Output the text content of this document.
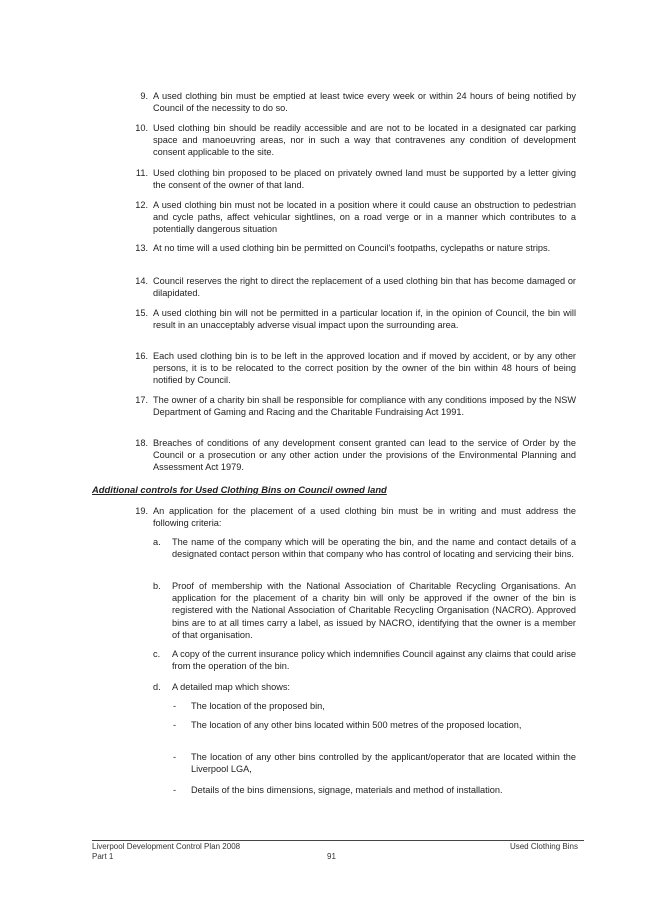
9. A used clothing bin must be emptied at least twice every week or within 24 hours of being notified by Council of the necessity to do so.
10. Used clothing bin should be readily accessible and are not to be located in a designated car parking space and manoeuvring areas, nor in such a way that contravenes any condition of development consent applicable to the site.
11. Used clothing bin proposed to be placed on privately owned land must be supported by a letter giving the consent of the owner of that land.
12. A used clothing bin must not be located in a position where it could cause an obstruction to pedestrian and cycle paths, affect vehicular sightlines, on a road verge or in a manner which contributes to a potentially dangerous situation
13. At no time will a used clothing bin be permitted on Council’s footpaths, cyclepaths or nature strips.
14. Council reserves the right to direct the replacement of a used clothing bin that has become damaged or dilapidated.
15. A used clothing bin will not be permitted in a particular location if, in the opinion of Council, the bin will result in an unacceptably adverse visual impact upon the surrounding area.
16. Each used clothing bin is to be left in the approved location and if moved by accident, or by any other persons, it is to be relocated to the correct position by the owner of the bin within 48 hours of being notified by Council.
17. The owner of a charity bin shall be responsible for compliance with any conditions imposed by the NSW Department of Gaming and Racing and the Charitable Fundraising Act 1991.
18. Breaches of conditions of any development consent granted can lead to the service of Order by the Council or a prosecution or any other action under the provisions of the Environmental Planning and Assessment Act 1979.
Additional controls for Used Clothing Bins on Council owned land
19. An application for the placement of a used clothing bin must be in writing and must address the following criteria:
a.	The name of the company which will be operating the bin, and the name and contact details of a designated contact person within that company who has control of locating and servicing their bins.
b.	Proof of membership with the National Association of Charitable Recycling Organisations. An application for the placement of a charity bin will only be approved if the owner of the bin is registered with the National Association of Charitable Recycling Organisation (NACRO). Approved bins are to at all times carry a label, as issued by NACRO, identifying that the owner is a member of that organisation.
c.	A copy of the current insurance policy which indemnifies Council against any claims that could arise from the operation of the bin.
d.	A detailed map which shows:
-	The location of the proposed bin,
-	The location of any other bins located within 500 metres of the proposed location,
-	The location of any other bins controlled by the applicant/operator that are located within the Liverpool LGA,
-	Details of the bins dimensions, signage, materials and method of installation.
Liverpool Development Control Plan 2008
Part 1	91
Used Clothing Bins
